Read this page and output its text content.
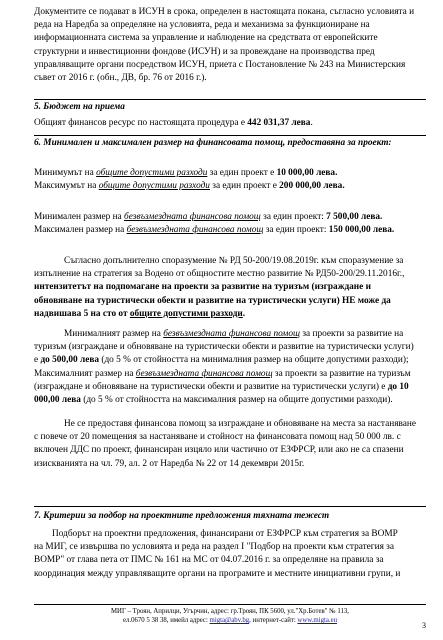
Документите се подават в ИСУН в срока, определен в настоящата покана, съгласно условията и
реда на Наредба за определяне на условията, реда и механизма за функциониране на
информационната система за управление и наблюдение на средствата от европейските
структурни и инвестиционни фондове (ИСУН) и за провеждане на производства пред
управляващите органи посредством ИСУН, приета с Постановление № 243 на Министерския
съвет от 2016 г. (обн., ДВ, бр. 76 от 2016 г.).
5. Бюджет на приема
Общият финансов ресурс по настоящата процедура е 442 031,37 лева.
6. Минимален и максимален размер на финансовата помощ, предоставяна за проект:
Минимумът на общите допустими разходи за един проект е 10 000,00 лева.
Максимумът на общите допустими разходи за един проект е 200 000,00 лева.
Минимален размер на безвъзмездната финансова помощ за един проект: 7 500,00 лева.
Максимален размер на безвъзмездната финансова помощ за един проект: 150 000,00 лева.
Съгласно допълнително споразумение № РД 50-200/19.08.2019г. към споразумение за
изпълнение на стратегия за Водено от общностите местно развитие № РД50-200/29.11.2016г.,
интензитетът на подпомагане на проекти за развитие на туризъм (изграждане и
обновяване на туристически обекти и развитие на туристически услуги) НЕ може да
надвишава 5 на сто от общите допустими разходи.
Минималният размер на безвъзмездната финансова помощ за проекти за развитие на
туризъм (изграждане и обновяване на туристически обекти и развитие на туристически услуги)
е до 500,00 лева (до 5 % от стойността на минималния размер на общите допустими разходи);
Максималният размер на безвъзмездната финансова помощ за проекти за развитие на туризъм
(изграждане и обновяване на туристически обекти и развитие на туристически услуги) е до 10
000,00 лева (до 5 % от стойността на максималния размер на общите допустими разходи).
Не се предоставя финансова помощ за изграждане и обновяване на места за настаняване
с повече от 20 помещения за настаняване и стойност на финансовата помощ над 50 000 лв. с
включен ДДС по проект, финансиран изцяло или частично от ЕЗФРСР, или ако не са спазени
изискванията на чл. 79, ал. 2 от Наредба № 22 от 14 декември 2015г.
7. Критерии за подбор на проектните предложения тяхната тежест
Подборът на проектни предложения, финансирани от ЕЗФРСР към стратегия за ВОМР
на МИГ, се извършва по условията и реда на раздел I "Подбор на проекти към стратегия за
ВОМР" от глава пета от ПМС № 161 на МС от 04.07.2016 г. за определяне на правила за
координация между управляващите органи на програмите и местните инициативни групи, и
МИГ – Троян, Априлци, Угърчин, адрес: гр.Троян, ПК 5600, ул."Хр.Ботев" № 113,
ел.0670 5 38 38, имейл адрес: migta@abv.bg, интернет-сайт: www.migta.eu
3
